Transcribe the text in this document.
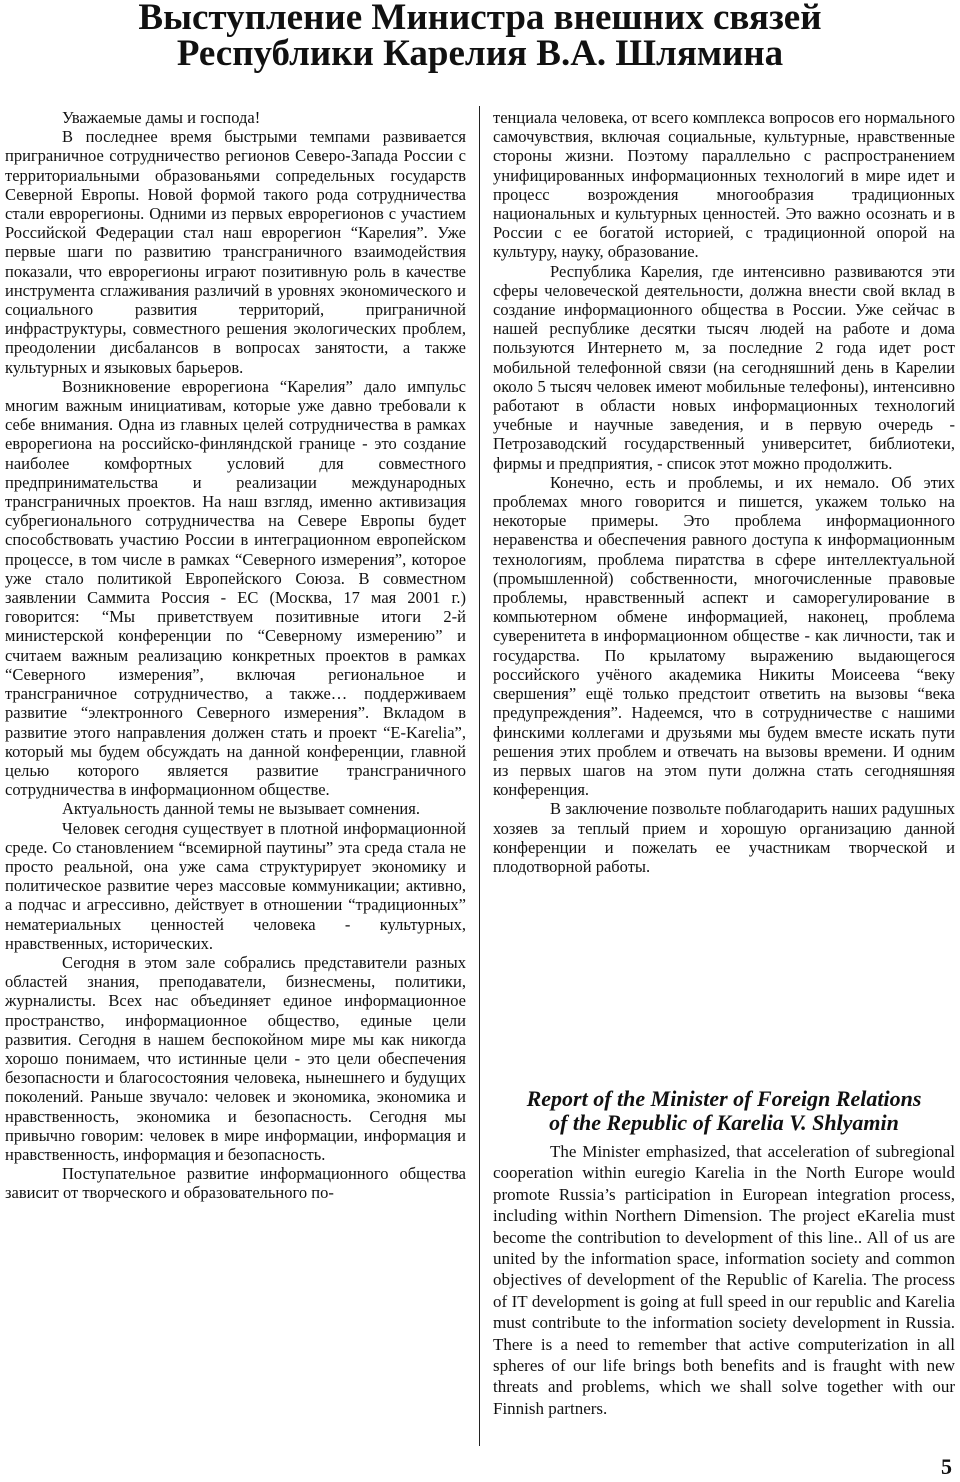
Выступление Министра внешних связей
Республики Карелия В.А. Шлямина

Уважаемые дамы и господа!

В последнее время быстрыми темпами развивается приграничное сотрудничество регионов Северо-Запада России с территориальными образованьями сопредельных государств Северной Европы. Новой формой такого рода сотрудничества стали еврорегионы. Одними из первых еврорегионов с участием Российской Федерации стал наш еврорегион “Карелия”. Уже первые шаги по развитию трансграничного взаимодействия показали, что еврорегионы играют позитивную роль в качестве инструмента сглаживания различий в уровнях экономического и социального развития территорий, приграничной инфраструктуры, совместного решения экологических проблем, преодолении дисбалансов в вопросах занятости, а также культурных и языковых барьеров.

Возникновение еврорегиона “Карелия” дало импульс многим важным инициативам, которые уже давно требовали к себе внимания. Одна из главных целей сотрудничества в рамках еврорегиона на российско-финляндской границе - это создание наиболее комфортных условий для совместного предпринимательства и реализации международных трансграничных проектов. На наш взгляд, именно активизация субрегионального сотрудничества на Севере Европы будет способствовать участию России в интеграционном европейском процессе, в том числе в рамках “Северного измерения”, которое уже стало политикой Европейского Союза. В совместном заявлении Саммита Россия - ЕС (Москва, 17 мая 2001 г.) говорится: “Мы приветствуем позитивные итоги 2-й министерской конференции по “Северному измерению” и считаем важным реализацию конкретных проектов в рамках “Северного измерения”, включая региональное и трансграничное сотрудничество, а также… поддерживаем развитие “электронного Северного измерения”. Вкладом в развитие этого направления должен стать и проект “E-Karelia”, который мы будем обсуждать на данной конференции, главной целью которого является развитие трансграничного сотрудничества в информационном обществе.

Актуальность данной темы не вызывает сомнения.

Человек сегодня существует в плотной информационной среде. Со становлением “всемирной паутины” эта среда стала не просто реальной, она уже сама структурирует экономику и политическое развитие через массовые коммуникации; активно, а подчас и агрессивно, действует в отношении “традиционных” нематериальных ценностей человека - культурных, нравственных, исторических.

Сегодня в этом зале собрались представители разных областей знания, преподаватели, бизнесмены, политики, журналисты. Всех нас объединяет единое информационное пространство, информационное общество, единые цели развития. Сегодня в нашем беспокойном мире мы как никогда хорошо понимаем, что истинные цели - это цели обеспечения безопасности и благосостояния человека, нынешнего и будущих поколений. Раньше звучало: человек и экономика, экономика и нравственность, экономика и безопасность. Сегодня мы привычно говорим: человек в мире информации, информация и нравственность, информация и безопасность.

Поступательное развитие информационного общества зависит от творческого и образовательного по-

тенциала человека, от всего комплекса вопросов его нормального самочувствия, включая социальные, культурные, нравственные стороны жизни. Поэтому параллельно с распространением унифицированных информационных технологий в мире идет и процесс возрождения многообразия традиционных национальных и культурных ценностей. Это важно осознать и в России с ее богатой историей, с традиционной опорой на культуру, науку, образование.

Республика Карелия, где интенсивно развиваются эти сферы человеческой деятельности, должна внести свой вклад в создание информационного общества в России. Уже сейчас в нашей республике десятки тысяч людей на работе и дома пользуются Интернето м, за последние 2 года идет рост мобильной телефонной связи (на сегодняшний день в Карелии около 5 тысяч человек имеют мобильные телефоны), интенсивно работают в области новых информационных технологий учебные и научные заведения, и в первую очередь - Петрозаводский государственный университет, библиотеки, фирмы и предприятия, - список этот можно продолжить.

Конечно, есть и проблемы, и их немало. Об этих проблемах много говорится и пишется, укажем только на некоторые примеры. Это проблема информационного неравенства и обеспечения равного доступа к информационным технологиям, проблема пиратства в сфере интеллектуальной (промышленной) собственности, многочисленные правовые проблемы, нравственный аспект и саморегулирование в компьютерном обмене информацией, наконец, проблема суверенитета в информационном обществе - как личности, так и государства. По крылатому выражению выдающегося российского учёного академика Никиты Моисеева “веку свершения” ещё только предстоит ответить на вызовы “века предупреждения”. Надеемся, что в сотрудничестве с нашими финскими коллегами и друзьями мы будем вместе искать пути решения этих проблем и отвечать на вызовы времени. И одним из первых шагов на этом пути должна стать сегодняшняя конференция.

В заключение позвольте поблагодарить наших радушных хозяев за теплый прием и хорошую организацию данной конференции и пожелать ее участникам творческой и плодотворной работы.

Report of the Minister of Foreign Relations
of the Republic of Karelia V. Shlyamin

The Minister emphasized, that acceleration of subregional cooperation within euregio Karelia in the North Europe would promote Russia’s participation in European integration process, including within Northern Dimension. The project eKarelia must become the contribution to development of this line.. All of us are united by the information space, information society and common objectives of development of the Republic of Karelia. The process of IT development is going at full speed in our republic and Karelia must contribute to the information society development in Russia. There is a need to remember that active computerization in all spheres of our life brings both benefits and is fraught with new threats and problems, which we shall solve together with our Finnish partners.

5
